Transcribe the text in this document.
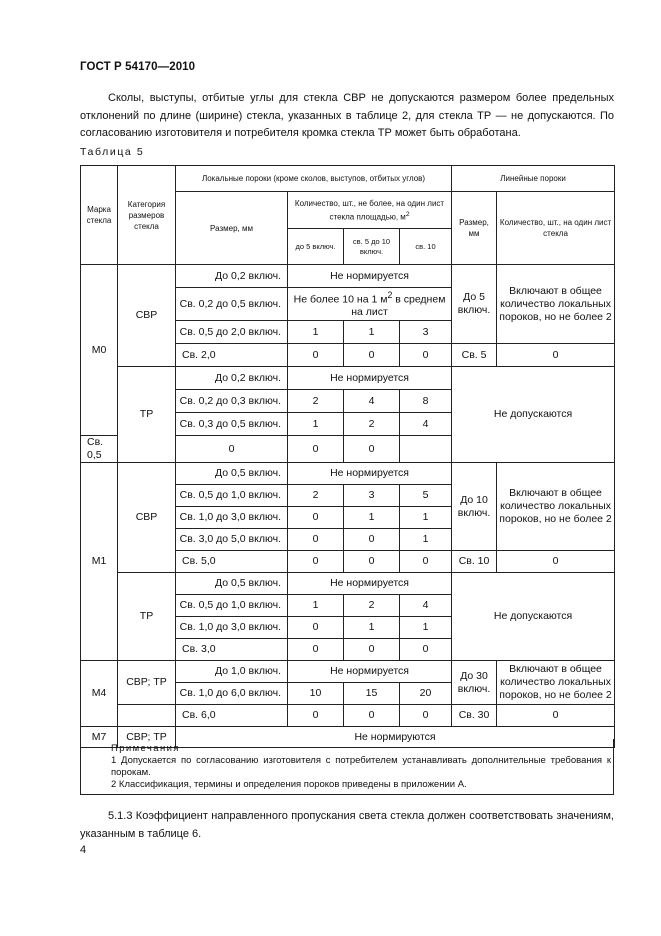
ГОСТ Р 54170—2010
Сколы, выступы, отбитые углы для стекла СВР не допускаются размером более предельных отклонений по длине (ширине) стекла, указанных в таблице 2, для стекла ТР — не допускаются. По согласованию изготовителя и потребителя кромка стекла ТР может быть обработана.
Таблица 5
Марка стекла	Категория размеров стекла	Локальные пороки (кроме сколов, выступов, отбитых углов)				Линейные пороки	
		Размер, мм	Количество, шт., не более, на один лист стекла площадью, $м^2$			Размер, мм	Количество, шт., на один лист стекла
			до 5 включ.	св. 5 до 10 включ.	св. 10		
М0	СВР	До 0,2 включ.	Не нормируется			До 5 включ.	Включают в общее количество локальных пороков, но не более 2
		Св. 0,2 до 0,5 включ.	Не более 10 на 1 $м^2$ в среднем на лист				
		Св. 0,5 до 2,0 включ.	1	1	3		
		Св. 2,0	0	0	0	Св. 5	0
	ТР	До 0,2 включ.	Не нормируется			Не допускаются	
		Св. 0,2 до 0,3 включ.	2	4	8		
		Св. 0,3 до 0,5 включ.	1	2	4		
Св. 0,5		0	0	0			
М1	СВР	До 0,5 включ.	Не нормируется			До 10 включ.	Включают в общее количество локальных пороков, но не более 2
		Св. 0,5 до 1,0 включ.	2	3	5		
		Св. 1,0 до 3,0 включ.	0	1	1		
		Св. 3,0 до 5,0 включ.	0	0	1		
		Св. 5,0	0	0	0	Св. 10	0
	ТР	До 0,5 включ.	Не нормируется			Не допускаются	
		Св. 0,5 до 1,0 включ.	1	2	4		
		Св. 1,0 до 3,0 включ.	0	1	1		
		Св. 3,0	0	0	0		
М4	СВР; ТР	До 1,0 включ.	Не нормируется			До 30 включ.	Включают в общее количество локальных пороков, но не более 2
		Св. 1,0 до 6,0 включ.	10	15	20		
		Св. 6,0	0	0	0	Св. 30	0
М7	СВР; ТР	Не нормируются					
Примечания
1 Допускается по согласованию изготовителя с потребителем устанавливать дополнительные требования к порокам.
2 Классификация, термины и определения пороков приведены в приложении А.
5.1.3 Коэффициент направленного пропускания света стекла должен соответствовать значениям, указанным в таблице 6.
4
